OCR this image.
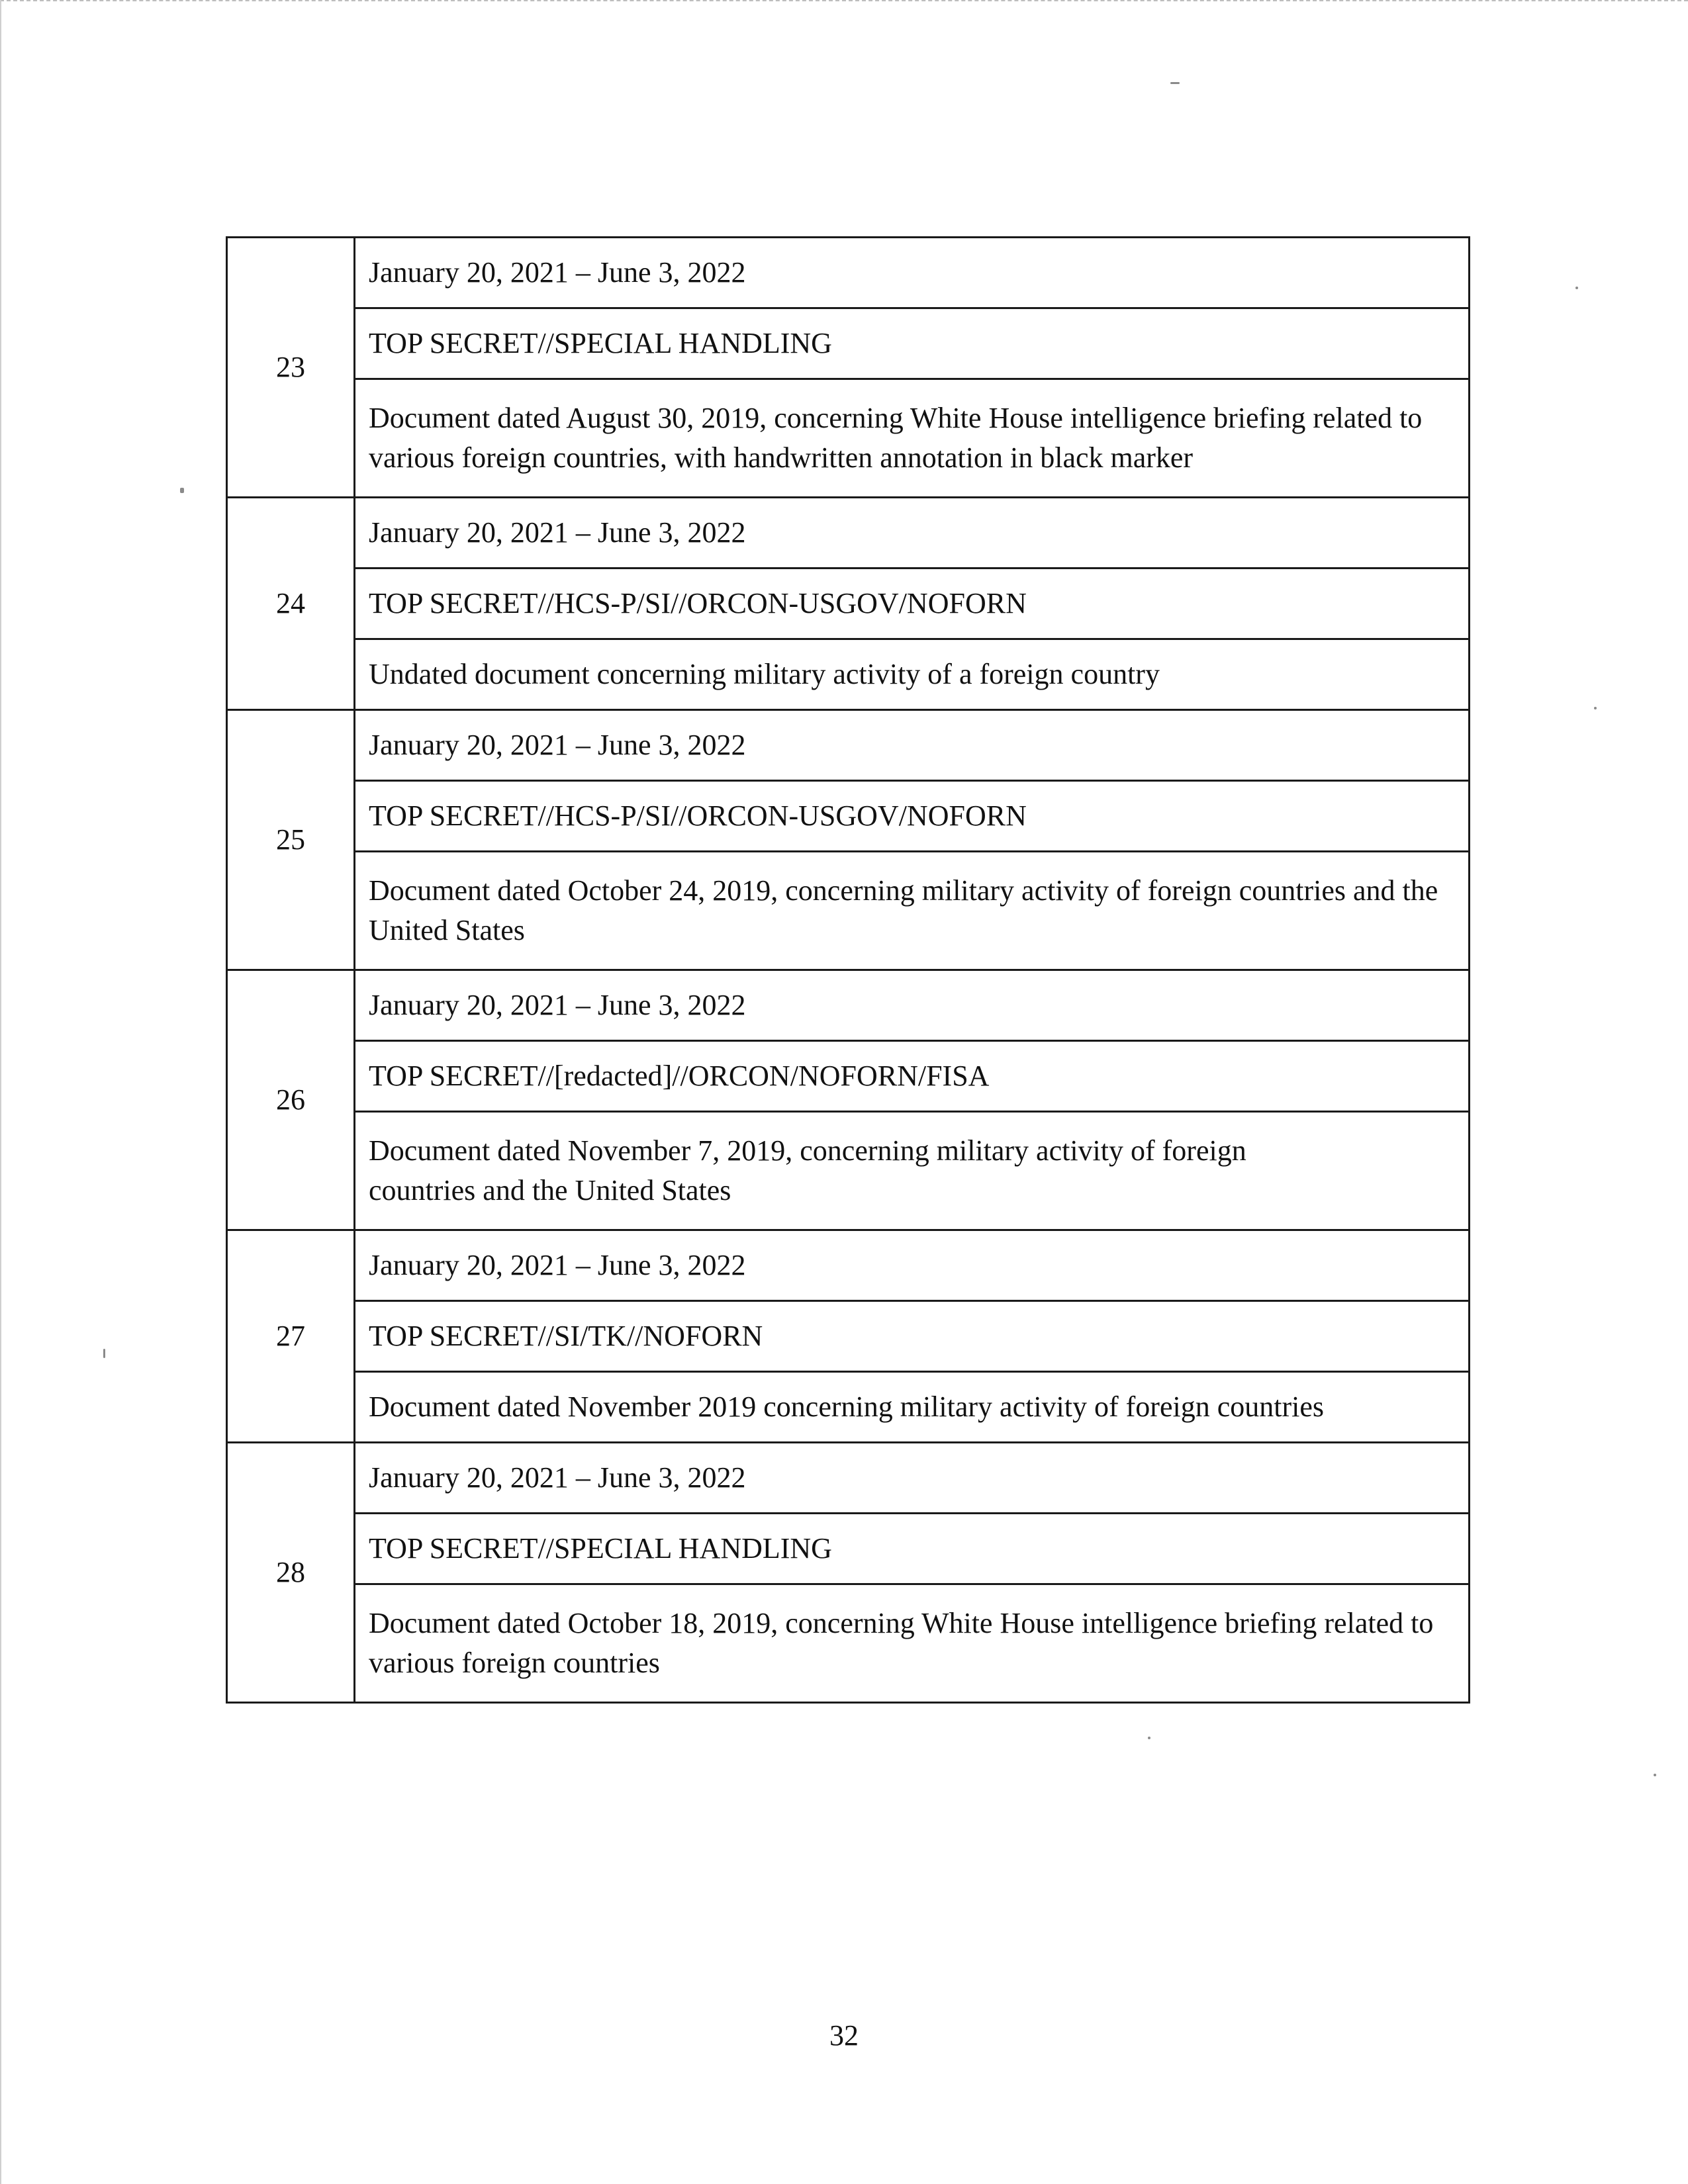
23	January 20, 2021 – June 3, 2022
	TOP SECRET//SPECIAL HANDLING
	Document dated August 30, 2019, concerning White House intelligence briefing related to various foreign countries, with handwritten annotation in black marker
24	January 20, 2021 – June 3, 2022
	TOP SECRET//HCS-P/SI//ORCON-USGOV/NOFORN
	Undated document concerning military activity of a foreign country
25	January 20, 2021 – June 3, 2022
	TOP SECRET//HCS-P/SI//ORCON-USGOV/NOFORN
	Document dated October 24, 2019, concerning military activity of foreign countries and the United States
26	January 20, 2021 – June 3, 2022
	TOP SECRET//[redacted]//ORCON/NOFORN/FISA
	Document dated November 7, 2019, concerning military activity of foreign countries and the United States
27	January 20, 2021 – June 3, 2022
	TOP SECRET//SI/TK//NOFORN
	Document dated November 2019 concerning military activity of foreign countries
28	January 20, 2021 – June 3, 2022
	TOP SECRET//SPECIAL HANDLING
	Document dated October 18, 2019, concerning White House intelligence briefing related to various foreign countries
32
